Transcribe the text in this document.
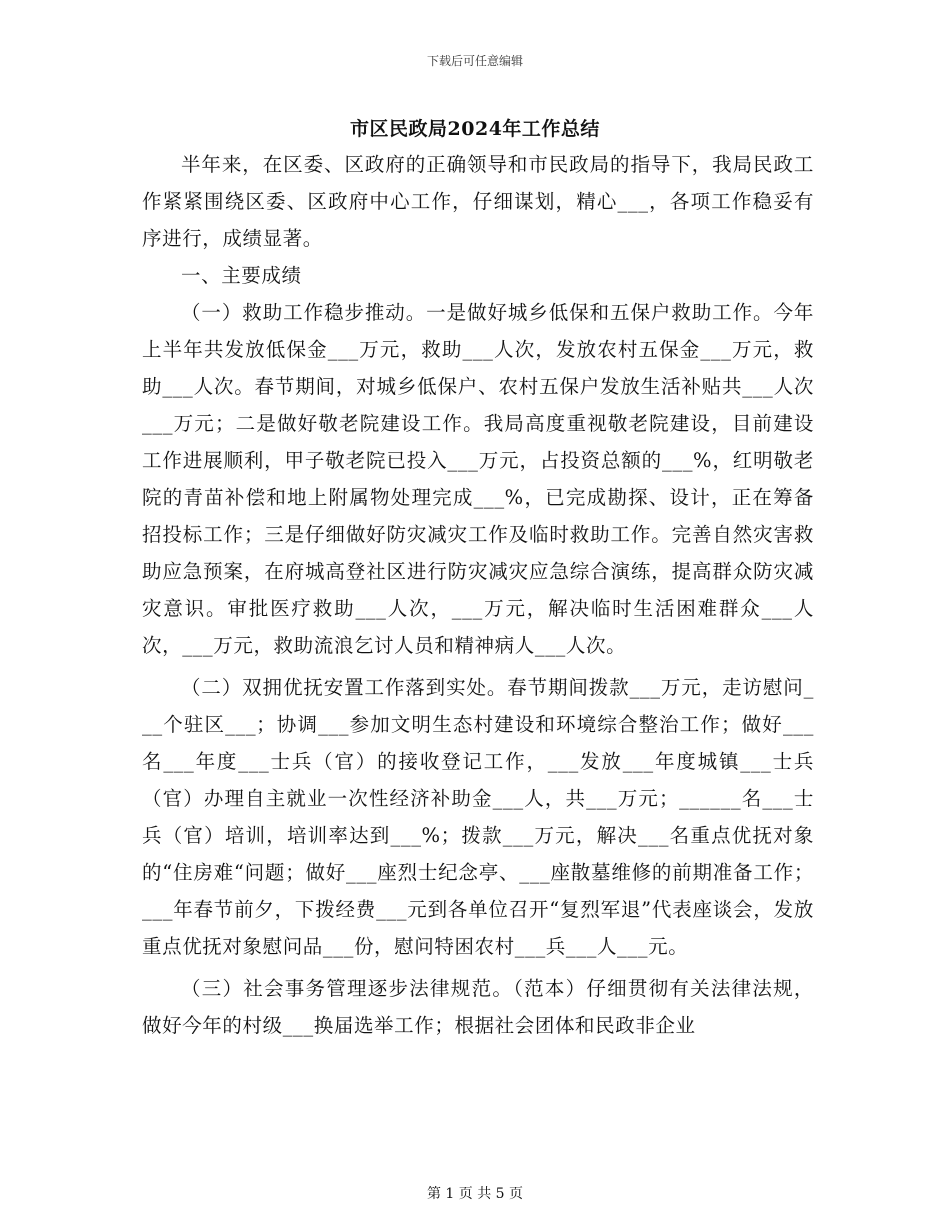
下载后可任意编辑
市区民政局2024年工作总结

半年来，在区委、区政府的正确领导和市民政局的指导下，我局民政工作紧紧围绕区委、区政府中心工作，仔细谋划，精心___，各项工作稳妥有序进行，成绩显著。

一、主要成绩

（一）救助工作稳步推动。一是做好城乡低保和五保户救助工作。今年上半年共发放低保金___万元，救助___人次，发放农村五保金___万元，救助___人次。春节期间，对城乡低保户、农村五保户发放生活补贴共___人次___万元；二是做好敬老院建设工作。我局高度重视敬老院建设，目前建设工作进展顺利，甲子敬老院已投入___万元，占投资总额的___%，红明敬老院的青苗补偿和地上附属物处理完成___%，已完成勘探、设计，正在筹备招投标工作；三是仔细做好防灾减灾工作及临时救助工作。完善自然灾害救助应急预案，在府城高登社区进行防灾减灾应急综合演练，提高群众防灾减灾意识。审批医疗救助___人次，___万元，解决临时生活困难群众___人次，___万元，救助流浪乞讨人员和精神病人___人次。

（二）双拥优抚安置工作落到实处。春节期间拨款___万元，走访慰问___个驻区___；协调___参加文明生态村建设和环境综合整治工作；做好___名___年度___士兵（官）的接收登记工作，___发放___年度城镇___士兵（官）办理自主就业一次性经济补助金___人，共___万元；______名___士兵（官）培训，培训率达到___%；拨款___万元，解决___名重点优抚对象的“住房难“问题；做好___座烈士纪念亭、___座散墓维修的前期准备工作；___年春节前夕，下拨经费___元到各单位召开“复烈军退”代表座谈会，发放重点优抚对象慰问品___份，慰问特困农村___兵___人___元。

（三）社会事务管理逐步法律规范。（范本）仔细贯彻有关法律法规，做好今年的村级___换届选举工作；根据社会团体和民政非企业

第 1 页 共 5 页
